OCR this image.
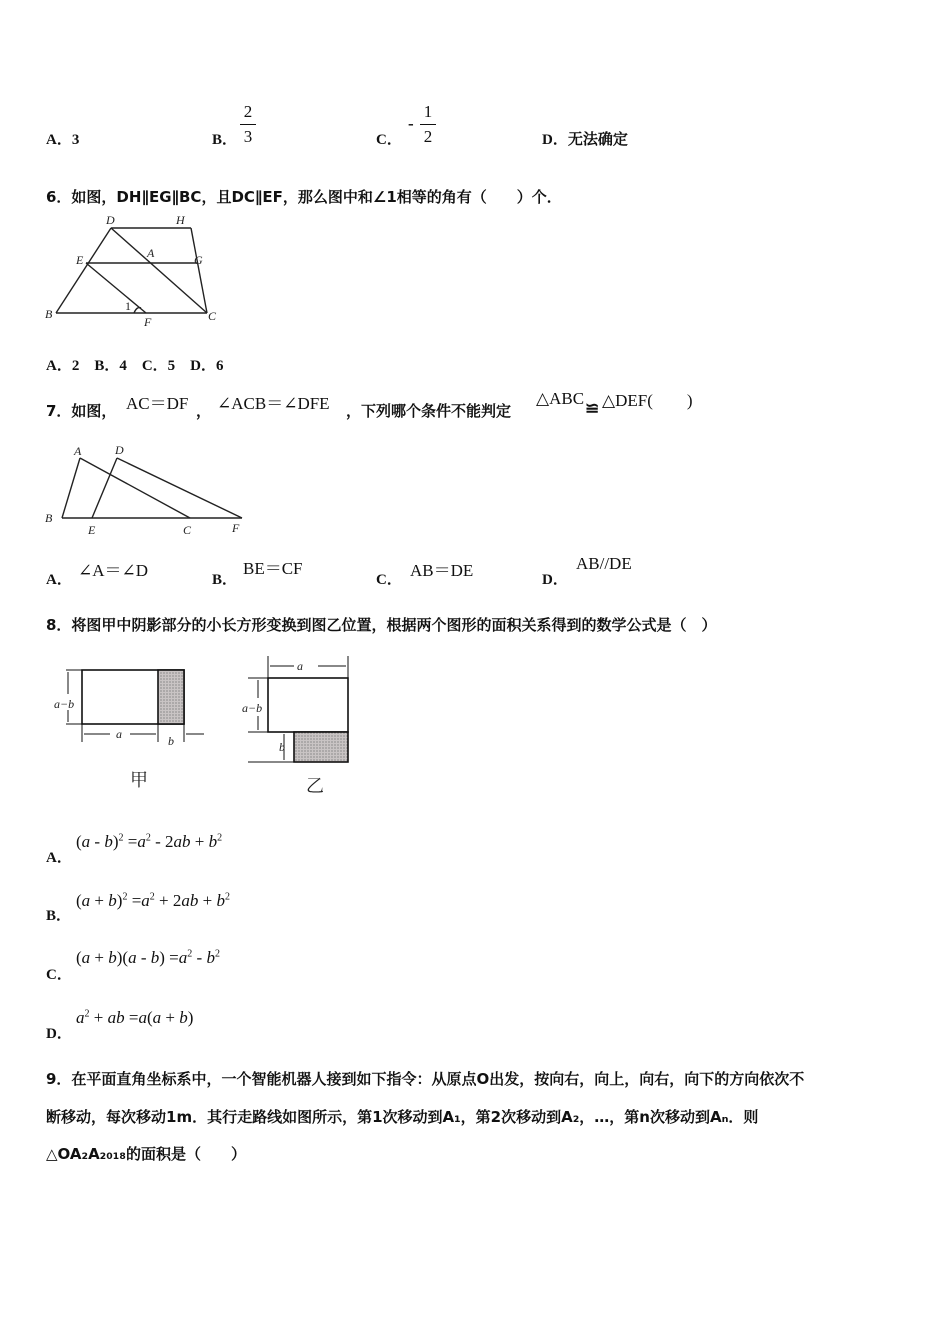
A．3	B．
2
3	C．
-
1
2	D．无法确定
6．如图，DH∥EG∥BC，且DC∥EF，那么图中和∠1相等的角有（　　）个．
D	H
E	A	G
B
1
F	C
A．2　B．4　C．5　D．6
7．如图， AC＝DF ， ∠ACB＝∠DFE ，下列哪个条件不能判定
△ABC
≌ △DEF(　　)
A	D
B
E	C	F
A． ∠A＝∠D	B．
BE＝CF
C． AB＝DE	D．
AB//DE
8．将图甲中阴影部分的小长方形变换到图乙位置，根据两个图形的面积关系得到的数学公式是（　）
a−b
a	b
甲
a
a−b
b
乙
A．
$(a - b)^2 =a^2 - 2ab + b^2$
B．
$(a + b)^2 =a^2 + 2ab + b^2$
C．
$(a + b)(a - b) =a^2 - b^2$
D．
$a^2$ + ab =a(a + b)
9．在平面直角坐标系中，一个智能机器人接到如下指令：从原点O出发，按向右，向上，向右，向下的方向依次不
断移动，每次移动1m．其行走路线如图所示，第1次移动到A₁，第2次移动到A₂，…，第n次移动到Aₙ．则
△OA₂A₂₀₁₈的面积是（　　）
